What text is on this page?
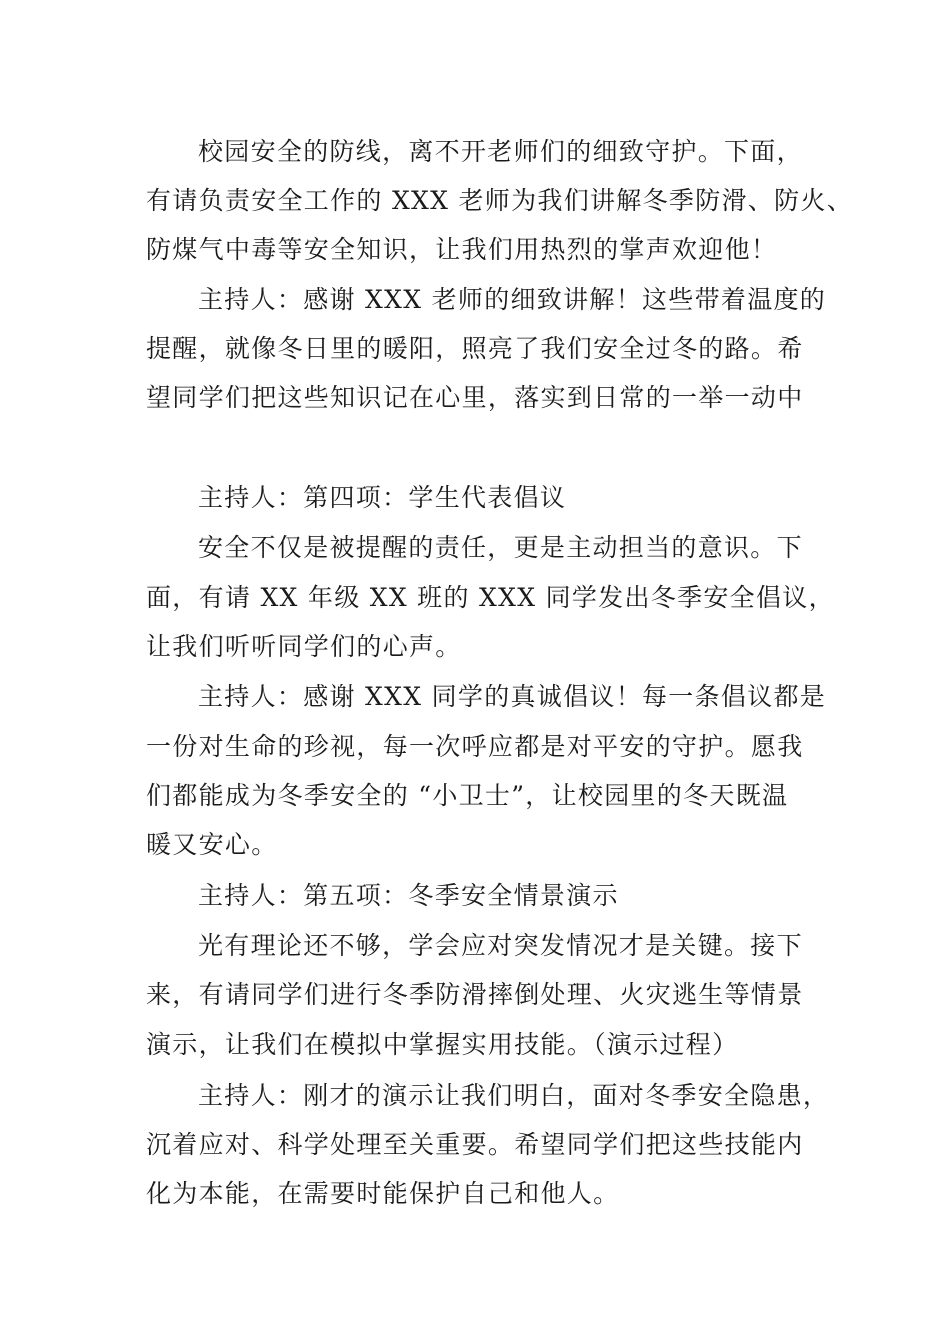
校园安全的防线，离不开老师们的细致守护。下面，
有请负责安全工作的 XXX 老师为我们讲解冬季防滑、防火、
防煤气中毒等安全知识，让我们用热烈的掌声欢迎他！
主持人：感谢 XXX 老师的细致讲解！这些带着温度的
提醒，就像冬日里的暖阳，照亮了我们安全过冬的路。希
望同学们把这些知识记在心里，落实到日常的一举一动中
主持人：第四项：学生代表倡议
安全不仅是被提醒的责任，更是主动担当的意识。下
面，有请 XX 年级 XX 班的 XXX 同学发出冬季安全倡议，
让我们听听同学们的心声。
主持人：感谢 XXX 同学的真诚倡议！每一条倡议都是
一份对生命的珍视，每一次呼应都是对平安的守护。愿我
们都能成为冬季安全的 “小卫士”，让校园里的冬天既温
暖又安心。
主持人：第五项：冬季安全情景演示
光有理论还不够，学会应对突发情况才是关键。接下
来，有请同学们进行冬季防滑摔倒处理、火灾逃生等情景
演示，让我们在模拟中掌握实用技能。（演示过程）
主持人：刚才的演示让我们明白，面对冬季安全隐患，
沉着应对、科学处理至关重要。希望同学们把这些技能内
化为本能，在需要时能保护自己和他人。
